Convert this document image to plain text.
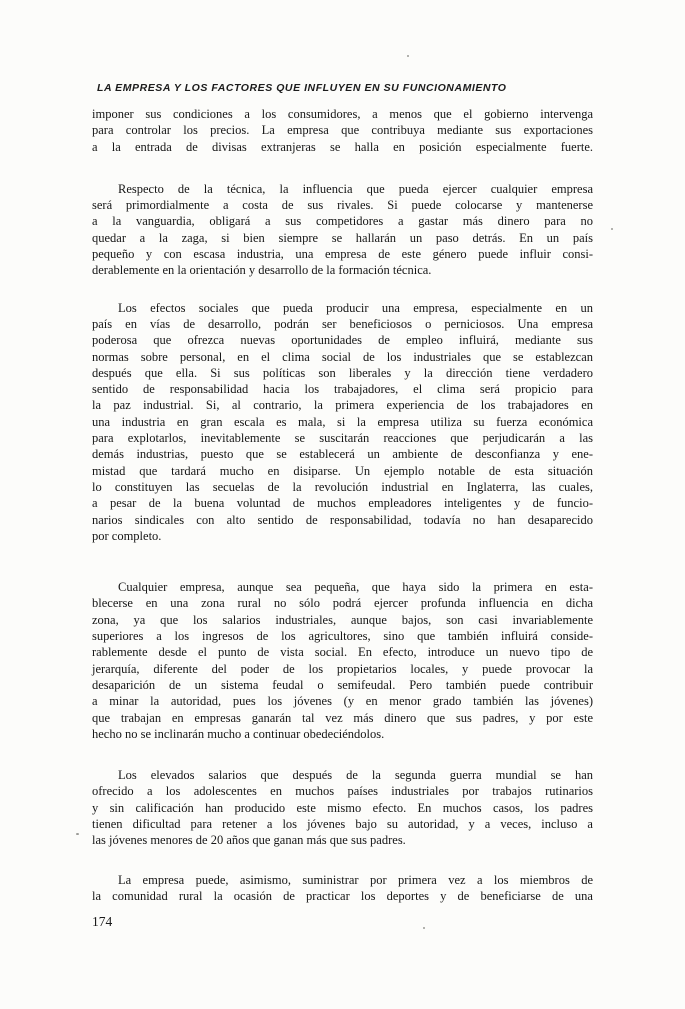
LA EMPRESA Y LOS FACTORES QUE INFLUYEN EN SU FUNCIONAMIENTO
imponer sus condiciones a los consumidores, a menos que el gobierno intervenga
para controlar los precios. La empresa que contribuya mediante sus exportaciones
a la entrada de divisas extranjeras se halla en posición especialmente fuerte.
Respecto de la técnica, la influencia que pueda ejercer cualquier empresa
será primordialmente a costa de sus rivales. Si puede colocarse y mantenerse
a la vanguardia, obligará a sus competidores a gastar más dinero para no
quedar a la zaga, si bien siempre se hallarán un paso detrás. En un país
pequeño y con escasa industria, una empresa de este género puede influir consi-
derablemente en la orientación y desarrollo de la formación técnica.
Los efectos sociales que pueda producir una empresa, especialmente en un
país en vías de desarrollo, podrán ser beneficiosos o perniciosos. Una empresa
poderosa que ofrezca nuevas oportunidades de empleo influirá, mediante sus
normas sobre personal, en el clima social de los industriales que se establezcan
después que ella. Si sus políticas son liberales y la dirección tiene verdadero
sentido de responsabilidad hacia los trabajadores, el clima será propicio para
la paz industrial. Si, al contrario, la primera experiencia de los trabajadores en
una industria en gran escala es mala, si la empresa utiliza su fuerza económica
para explotarlos, inevitablemente se suscitarán reacciones que perjudicarán a las
demás industrias, puesto que se establecerá un ambiente de desconfianza y ene-
mistad que tardará mucho en disiparse. Un ejemplo notable de esta situación
lo constituyen las secuelas de la revolución industrial en Inglaterra, las cuales,
a pesar de la buena voluntad de muchos empleadores inteligentes y de funcio-
narios sindicales con alto sentido de responsabilidad, todavía no han desaparecido
por completo.
Cualquier empresa, aunque sea pequeña, que haya sido la primera en esta-
blecerse en una zona rural no sólo podrá ejercer profunda influencia en dicha
zona, ya que los salarios industriales, aunque bajos, son casi invariablemente
superiores a los ingresos de los agricultores, sino que también influirá conside-
rablemente desde el punto de vista social. En efecto, introduce un nuevo tipo de
jerarquía, diferente del poder de los propietarios locales, y puede provocar la
desaparición de un sistema feudal o semifeudal. Pero también puede contribuir
a minar la autoridad, pues los jóvenes (y en menor grado también las jóvenes)
que trabajan en empresas ganarán tal vez más dinero que sus padres, y por este
hecho no se inclinarán mucho a continuar obedeciéndolos.
Los elevados salarios que después de la segunda guerra mundial se han
ofrecido a los adolescentes en muchos países industriales por trabajos rutinarios
y sin calificación han producido este mismo efecto. En muchos casos, los padres
tienen dificultad para retener a los jóvenes bajo su autoridad, y a veces, incluso a
las jóvenes menores de 20 años que ganan más que sus padres.
La empresa puede, asimismo, suministrar por primera vez a los miembros de
la comunidad rural la ocasión de practicar los deportes y de beneficiarse de una
174
